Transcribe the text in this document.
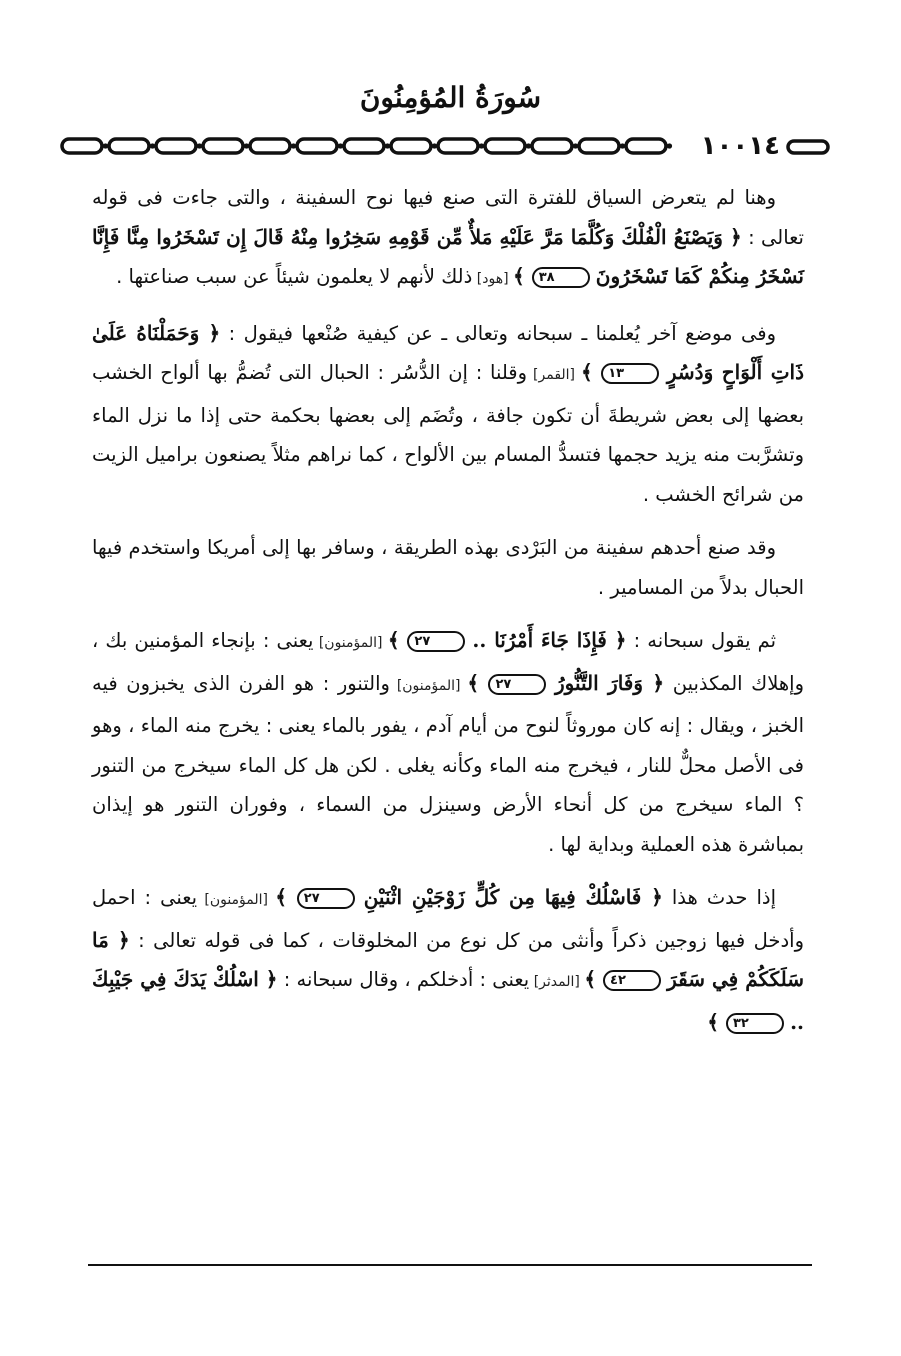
سُورَةُ المُؤمِنُونَ
١٠٠١٤

وهنا لم يتعرض السياق للفترة التى صنع فيها نوح السفينة ، والتى جاءت فى قوله تعالى : ﴿ وَيَصْنَعُ الْفُلْكَ وَكُلَّمَا مَرَّ عَلَيْهِ مَلأٌ مِّن قَوْمِهِ سَخِرُوا مِنْهُ قَالَ إِن تَسْخَرُوا مِنَّا فَإِنَّا نَسْخَرُ مِنكُمْ كَمَا تَسْخَرُونَ ٣٨ ﴾ [هود] ذلك لأنهم لا يعلمون شيئاً عن سبب صناعتها .

وفى موضع آخر يُعلمنا ـ سبحانه وتعالى ـ عن كيفية صُنْعها فيقول : ﴿ وَحَمَلْنَاهُ عَلَىٰ ذَاتِ أَلْوَاحٍ وَدُسُرٍ ١٣ ﴾ [القمر] وقلنا : إن الدُّسُر : الحبال التى تُضمُّ بها ألواح الخشب بعضها إلى بعض شريطةَ أن تكون جافة ، وتُضَم إلى بعضها بحكمة حتى إذا ما نزل الماء وتشرَّبت منه يزيد حجمها فتسدُّ المسام بين الألواح ، كما نراهم مثلاً يصنعون براميل الزيت من شرائح الخشب .

وقد صنع أحدهم سفينة من البَرْدى بهذه الطريقة ، وسافر بها إلى أمريكا واستخدم فيها الحبال بدلاً من المسامير .

ثم يقول سبحانه : ﴿ فَإِذَا جَاءَ أَمْرُنَا .. ٢٧ ﴾ [المؤمنون] يعنى : بإنجاء المؤمنين بك ، وإهلاك المكذبين ﴿ وَفَارَ التَّنُّورُ ٢٧ ﴾ [المؤمنون] والتنور : هو الفرن الذى يخبزون فيه الخبز ، ويقال : إنه كان موروثاً لنوح من أيام آدم ، يفور بالماء يعنى : يخرج منه الماء ، وهو فى الأصل محلٌّ للنار ، فيخرج منه الماء وكأنه يغلى . لكن هل كل الماء سيخرج من التنور ؟ الماء سيخرج من كل أنحاء الأرض وسينزل من السماء ، وفوران التنور هو إيذان بمباشرة هذه العملية وبداية لها .

إذا حدث هذا ﴿ فَاسْلُكْ فِيهَا مِن كُلٍّ زَوْجَيْنِ اثْنَيْنِ ٢٧ ﴾ [المؤمنون] يعنى : احمل وأدخل فيها زوجين ذكراً وأنثى من كل نوع من المخلوقات ، كما فى قوله تعالى : ﴿ مَا سَلَكَكُمْ فِي سَقَرَ ٤٢ ﴾ [المدثر] يعنى : أدخلكم ، وقال سبحانه : ﴿ اسْلُكْ يَدَكَ فِي جَيْبِكَ .. ٣٢ ﴾
